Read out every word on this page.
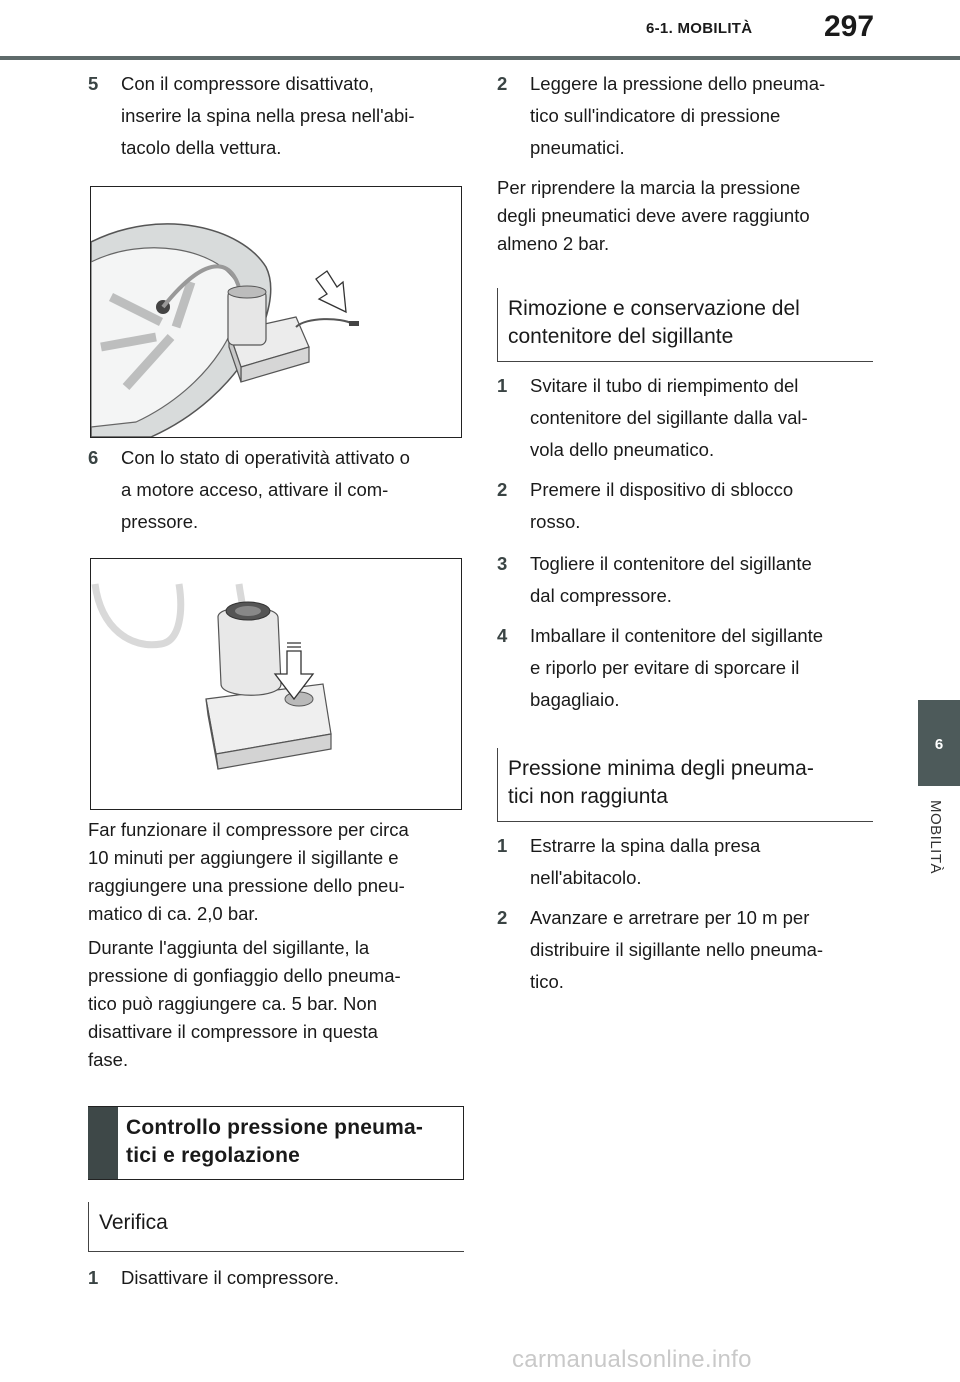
6-1. MOBILITÀ 297
6
MOBILITÀ
5 Con il compressore disattivato,
inserire la spina nella presa nell'abi-
tacolo della vettura.
6 Con lo stato di operatività attivato o
a motore acceso, attivare il com-
pressore.
Far funzionare il compressore per circa
10 minuti per aggiungere il sigillante e
raggiungere una pressione dello pneu-
matico di ca. 2,0 bar.
Durante l'aggiunta del sigillante, la
pressione di gonfiaggio dello pneuma-
tico può raggiungere ca. 5 bar. Non
disattivare il compressore in questa
fase.
Controllo pressione pneuma-
tici e regolazione
Verifica
1 Disattivare il compressore.
2 Leggere la pressione dello pneuma-
tico sull'indicatore di pressione
pneumatici.
Per riprendere la marcia la pressione
degli pneumatici deve avere raggiunto
almeno 2 bar.
Rimozione e conservazione del
contenitore del sigillante
1 Svitare il tubo di riempimento del
contenitore del sigillante dalla val-
vola dello pneumatico.
2 Premere il dispositivo di sblocco
rosso.
3 Togliere il contenitore del sigillante
dal compressore.
4 Imballare il contenitore del sigillante
e riporlo per evitare di sporcare il
bagagliaio.
Pressione minima degli pneuma-
tici non raggiunta
1 Estrarre la spina dalla presa
nell'abitacolo.
2 Avanzare e arretrare per 10 m per
distribuire il sigillante nello pneuma-
tico.
carmanualsonline.info
